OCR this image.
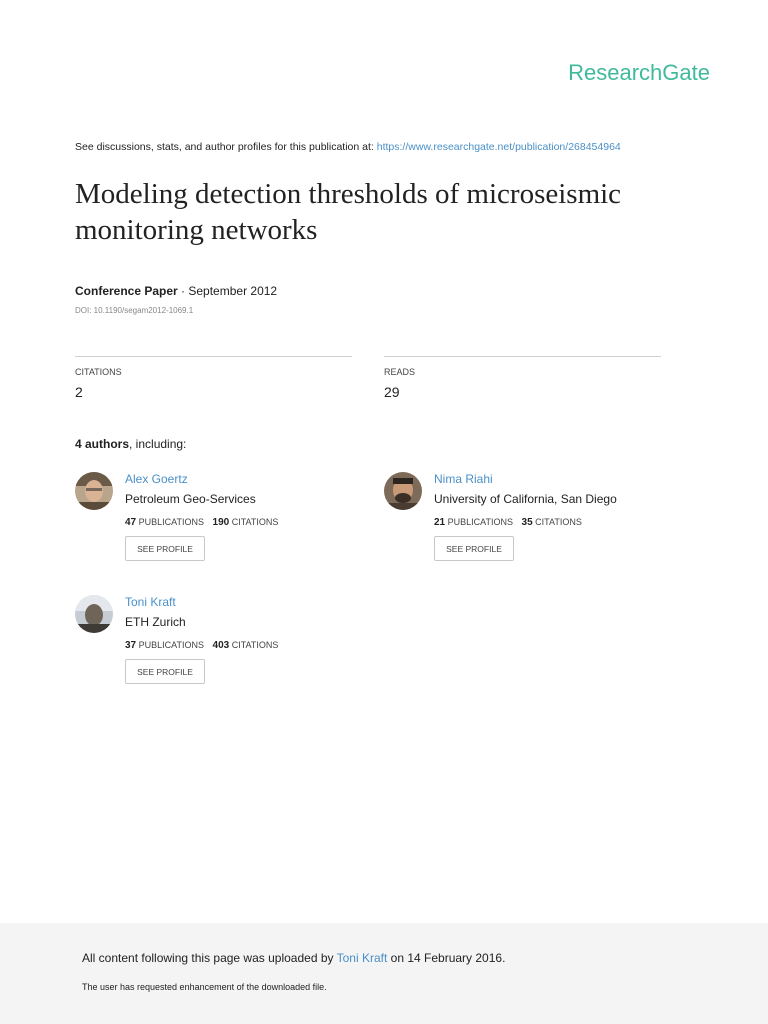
ResearchGate
See discussions, stats, and author profiles for this publication at: https://www.researchgate.net/publication/268454964
Modeling detection thresholds of microseismic monitoring networks
Conference Paper · September 2012
DOI: 10.1190/segam2012-1069.1
CITATIONS
2
READS
29
4 authors, including:
Alex Goertz
Petroleum Geo-Services
47 PUBLICATIONS 190 CITATIONS
SEE PROFILE
Nima Riahi
University of California, San Diego
21 PUBLICATIONS 35 CITATIONS
SEE PROFILE
Toni Kraft
ETH Zurich
37 PUBLICATIONS 403 CITATIONS
SEE PROFILE
All content following this page was uploaded by Toni Kraft on 14 February 2016.
The user has requested enhancement of the downloaded file.
